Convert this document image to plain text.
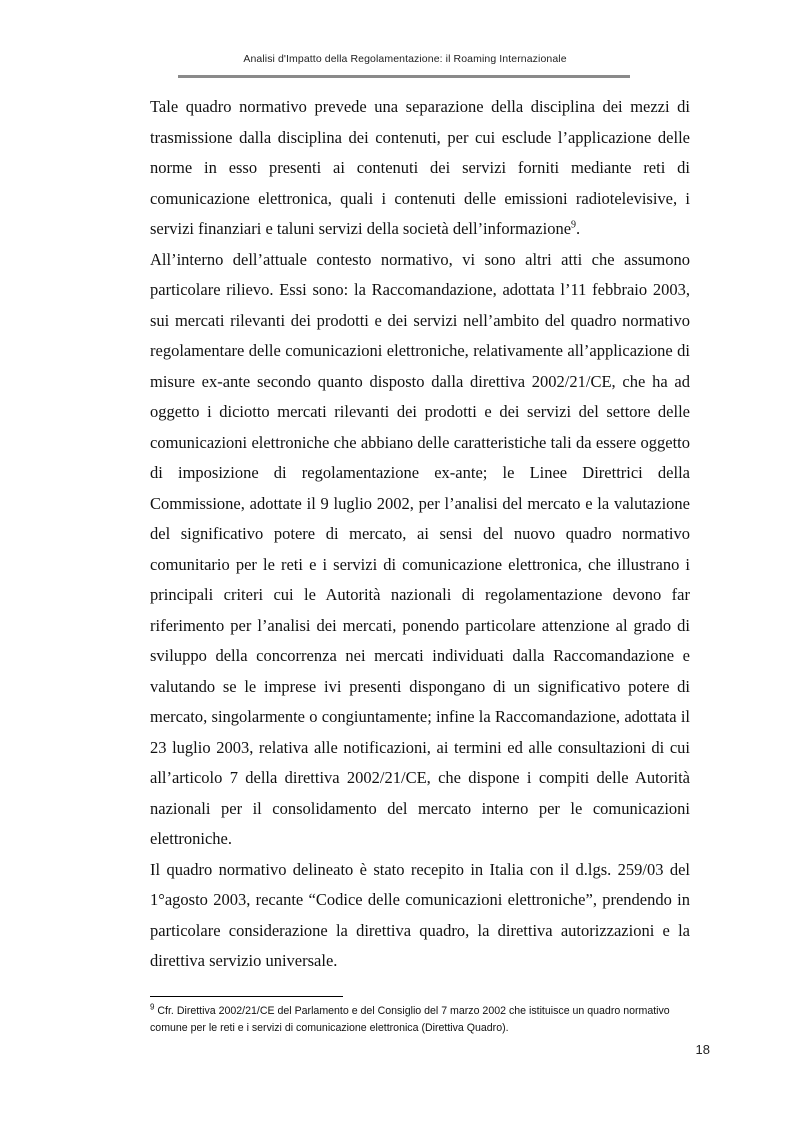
Analisi d'Impatto della Regolamentazione: il Roaming Internazionale

Tale quadro normativo prevede una separazione della disciplina dei mezzi di trasmissione dalla disciplina dei contenuti, per cui esclude l’applicazione delle norme in esso presenti ai contenuti dei servizi forniti mediante reti di comunicazione elettronica, quali i contenuti delle emissioni radiotelevisive, i servizi finanziari e taluni servizi della società dell’informazione$^9$.

All’interno dell’attuale contesto normativo, vi sono altri atti che assumono particolare rilievo. Essi sono: la Raccomandazione, adottata l’11 febbraio 2003, sui mercati rilevanti dei prodotti e dei servizi nell’ambito del quadro normativo regolamentare delle comunicazioni elettroniche, relativamente all’applicazione di misure ex-ante secondo quanto disposto dalla direttiva 2002/21/CE, che ha ad oggetto i diciotto mercati rilevanti dei prodotti e dei servizi del settore delle comunicazioni elettroniche che abbiano delle caratteristiche tali da essere oggetto di imposizione di regolamentazione ex-ante; le Linee Direttrici della Commissione, adottate il 9 luglio 2002, per l’analisi del mercato e la valutazione del significativo potere di mercato, ai sensi del nuovo quadro normativo comunitario per le reti e i servizi di comunicazione elettronica, che illustrano i principali criteri cui le Autorità nazionali di regolamentazione devono far riferimento per l’analisi dei mercati, ponendo particolare attenzione al grado di sviluppo della concorrenza nei mercati individuati dalla Raccomandazione e valutando se le imprese ivi presenti dispongano di un significativo potere di mercato, singolarmente o congiuntamente; infine la Raccomandazione, adottata il 23 luglio 2003, relativa alle notificazioni, ai termini ed alle consultazioni di cui all’articolo 7 della direttiva 2002/21/CE, che dispone i compiti delle Autorità nazionali per il consolidamento del mercato interno per le comunicazioni elettroniche.

Il quadro normativo delineato è stato recepito in Italia con il d.lgs. 259/03 del 1°agosto 2003, recante “Codice delle comunicazioni elettroniche”, prendendo in particolare considerazione la direttiva quadro, la direttiva autorizzazioni e la direttiva servizio universale.

$^9$ Cfr. Direttiva 2002/21/CE del Parlamento e del Consiglio del 7 marzo 2002 che istituisce un quadro normativo comune per le reti e i servizi di comunicazione elettronica (Direttiva Quadro).
18
